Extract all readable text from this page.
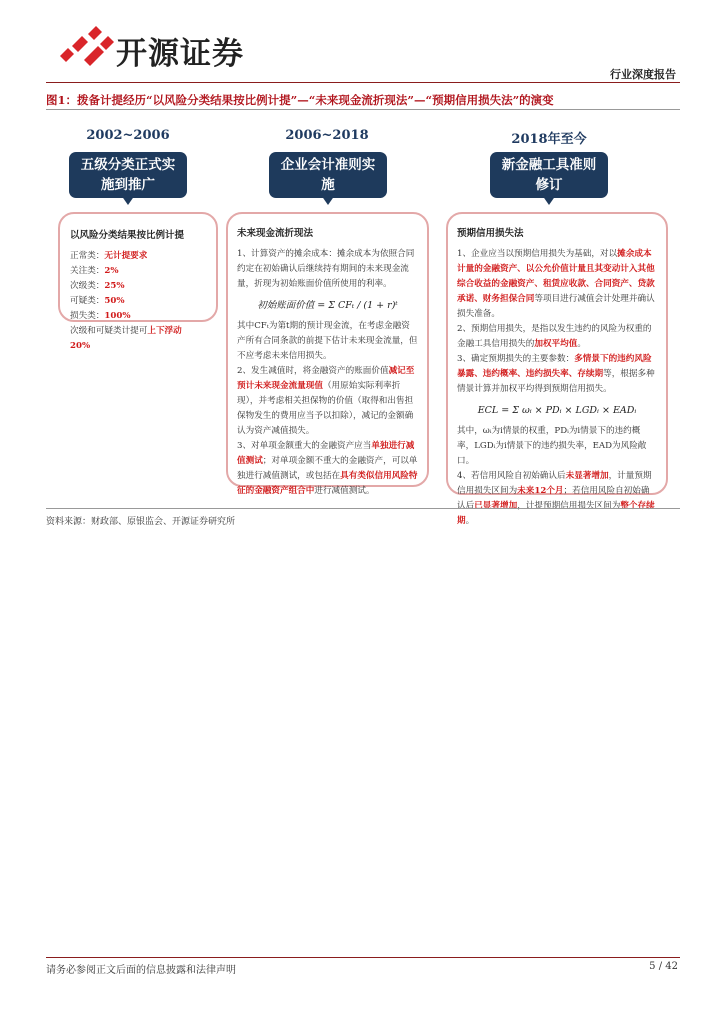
开源证券
行业深度报告
图1：拨备计提经历“以风险分类结果按比例计提”—“未来现金流折现法”—“预期信用损失法”的演变
2002~2006	2006~2018	2018年至今
五级分类正式实施到推广
企业会计准则实施
新金融工具准则修订
以风险分类结果按比例计提
正常类：无计提要求
关注类：2%
次级类：25%
可疑类：50%
损失类：100%
次级和可疑类计提可上下浮动
20%
未来现金流折现法
1、计算资产的摊余成本：摊余成本为依照合同约定在初始确认后继续持有期间的未来现金流量，折现为初始账面价值所使用的利率。
初始账面价值 = Σ CFₜ / (1 + r)ᵗ
其中CFₜ为第t期的预计现金流，在考虑金融资产所有合同条款的前提下估计未来现金流量，但不应考虑未来信用损失。
2、发生减值时，将金融资产的账面价值减记至预计未来现金流量现值（用原始实际利率折现），并考虑相关担保物的价值（取得和出售担保物发生的费用应当予以扣除），减记的金额确认为资产减值损失。
3、对单项金额重大的金融资产应当单独进行减值测试；对单项金额不重大的金融资产，可以单独进行减值测试，或包括在具有类似信用风险特征的金融资产组合中进行减值测试。
预期信用损失法
1、企业应当以预期信用损失为基础，对以摊余成本计量的金融资产、以公允价值计量且其变动计入其他综合收益的金融资产、租赁应收款、合同资产、贷款承诺、财务担保合同等项目进行减值会计处理并确认损失准备。
2、预期信用损失，是指以发生违约的风险为权重的金融工具信用损失的加权平均值。
3、确定预期损失的主要参数：多情景下的违约风险暴露、违约概率、违约损失率、存续期等，根据多种情景计算并加权平均得到预期信用损失。
ECL = Σ ωᵢ × PDᵢ × LGDᵢ × EADᵢ
其中，ωᵢ为i情景的权重，PDᵢ为i情景下的违约概率，LGDᵢ为i情景下的违约损失率，EAD为风险敞口。
4、若信用风险自初始确认后未显著增加，计量预期信用损失区间为未来12个月；若信用风险自初始确认后已显著增加，计提预期信用损失区间为整个存续期。
资料来源：财政部、原银监会、开源证券研究所
请务必参阅正文后面的信息披露和法律声明	5 / 42
